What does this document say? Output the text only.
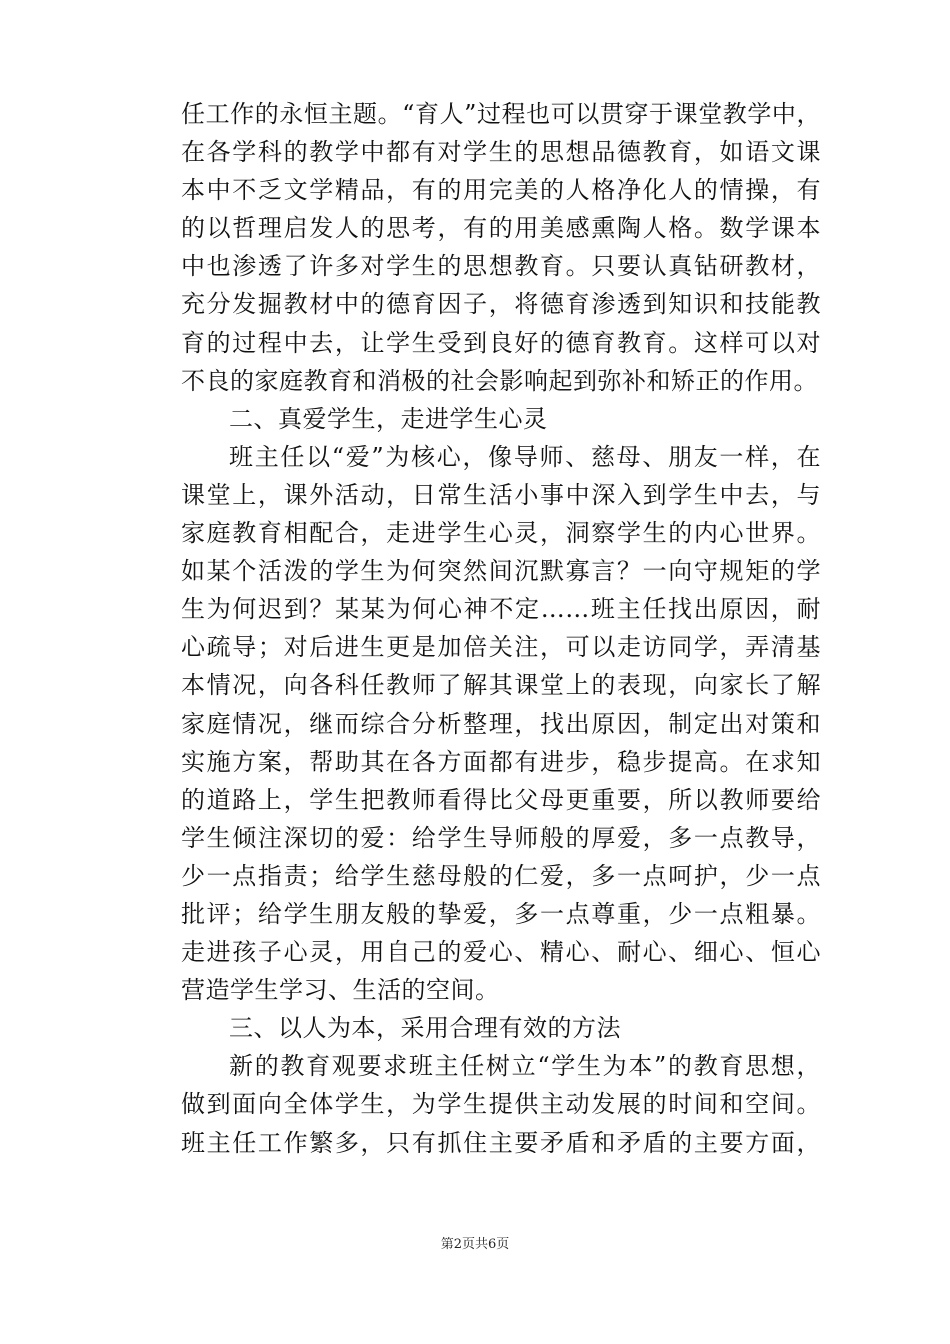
任工作的永恒主题。“育人”过程也可以贯穿于课堂教学中，
在各学科的教学中都有对学生的思想品德教育，如语文课
本中不乏文学精品，有的用完美的人格净化人的情操，有
的以哲理启发人的思考，有的用美感熏陶人格。数学课本
中也渗透了许多对学生的思想教育。只要认真钻研教材，
充分发掘教材中的德育因子，将德育渗透到知识和技能教
育的过程中去，让学生受到良好的德育教育。这样可以对
不良的家庭教育和消极的社会影响起到弥补和矫正的作用。
二、真爱学生，走进学生心灵
班主任以“爱”为核心，像导师、慈母、朋友一样，在
课堂上，课外活动，日常生活小事中深入到学生中去，与
家庭教育相配合，走进学生心灵，洞察学生的内心世界。
如某个活泼的学生为何突然间沉默寡言？一向守规矩的学
生为何迟到？某某为何心神不定……班主任找出原因，耐
心疏导；对后进生更是加倍关注，可以走访同学，弄清基
本情况，向各科任教师了解其课堂上的表现，向家长了解
家庭情况，继而综合分析整理，找出原因，制定出对策和
实施方案，帮助其在各方面都有进步，稳步提高。在求知
的道路上，学生把教师看得比父母更重要，所以教师要给
学生倾注深切的爱：给学生导师般的厚爱，多一点教导，
少一点指责；给学生慈母般的仁爱，多一点呵护，少一点
批评；给学生朋友般的挚爱，多一点尊重，少一点粗暴。
走进孩子心灵，用自己的爱心、精心、耐心、细心、恒心
营造学生学习、生活的空间。
三、以人为本，采用合理有效的方法
新的教育观要求班主任树立“学生为本”的教育思想，
做到面向全体学生，为学生提供主动发展的时间和空间。
班主任工作繁多，只有抓住主要矛盾和矛盾的主要方面，
第2页共6页
